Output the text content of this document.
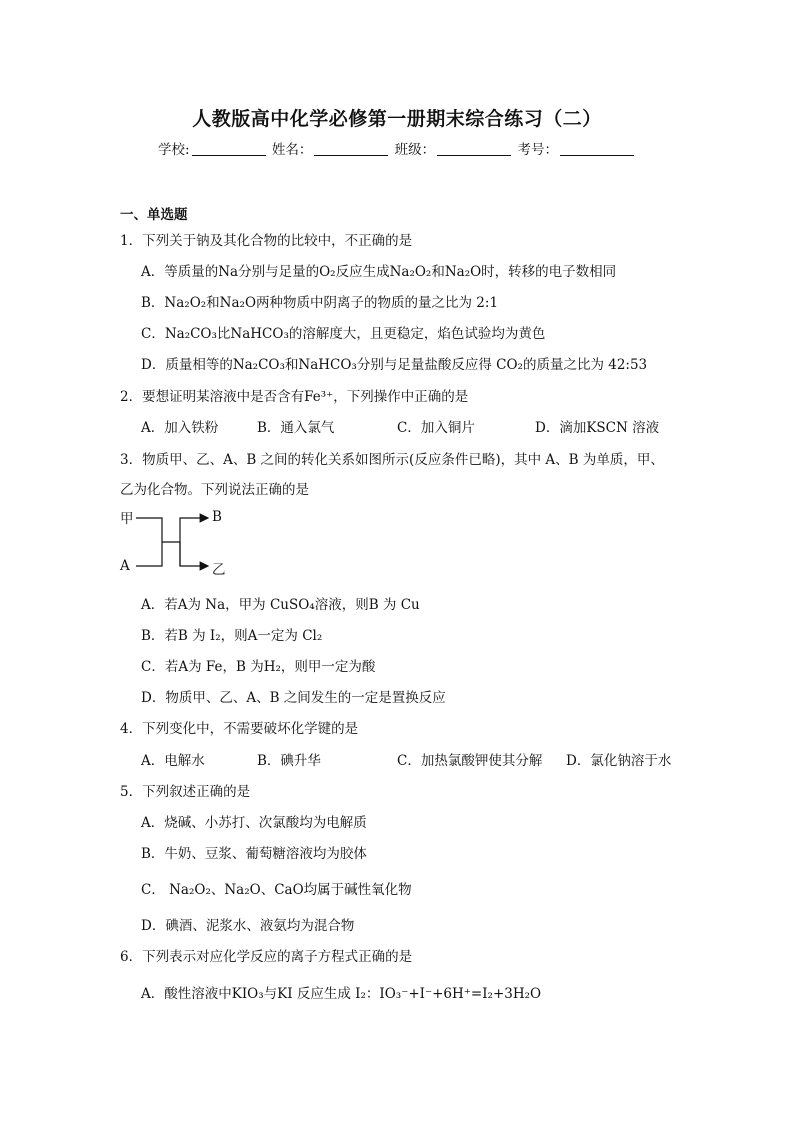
人教版高中化学必修第一册期末综合练习（二）
学校:	姓名：	班级：	考号：
一、单选题
1．下列关于钠及其化合物的比较中，不正确的是
A．等质量的Na分别与足量的O₂反应生成Na₂O₂和Na₂O时，转移的电子数相同
B．Na₂O₂和Na₂O两种物质中阴离子的物质的量之比为 2:1
C．Na₂CO₃比NaHCO₃的溶解度大，且更稳定，焰色试验均为黄色
D．质量相等的Na₂CO₃和NaHCO₃分别与足量盐酸反应得 CO₂的质量之比为 42:53
2．要想证明某溶液中是否含有Fe³⁺，下列操作中正确的是
A．加入铁粉	B．通入氯气	C．加入铜片	D．滴加KSCN 溶液
3．物质甲、乙、A、B 之间的转化关系如图所示(反应条件已略)，其中 A、B 为单质，甲、
乙为化合物。下列说法正确的是
甲
A
B
乙
A．若A为 Na，甲为 CuSO₄溶液，则B 为 Cu
B．若B 为 I₂，则A一定为 Cl₂
C．若A为 Fe，B 为H₂，则甲一定为酸
D．物质甲、乙、A、B 之间发生的一定是置换反应
4．下列变化中，不需要破坏化学键的是
A．电解水	B．碘升华	C．加热氯酸钾使其分解 D．氯化钠溶于水
5．下列叙述正确的是
A．烧碱、小苏打、次氯酸均为电解质
B．牛奶、豆浆、葡萄糖溶液均为胶体
C． Na₂O₂、Na₂O、CaO均属于碱性氧化物
D．碘酒、泥浆水、液氨均为混合物
6．下列表示对应化学反应的离子方程式正确的是
A．酸性溶液中KIO₃与KI 反应生成 I₂：IO₃⁻+I⁻+6H⁺=I₂+3H₂O
